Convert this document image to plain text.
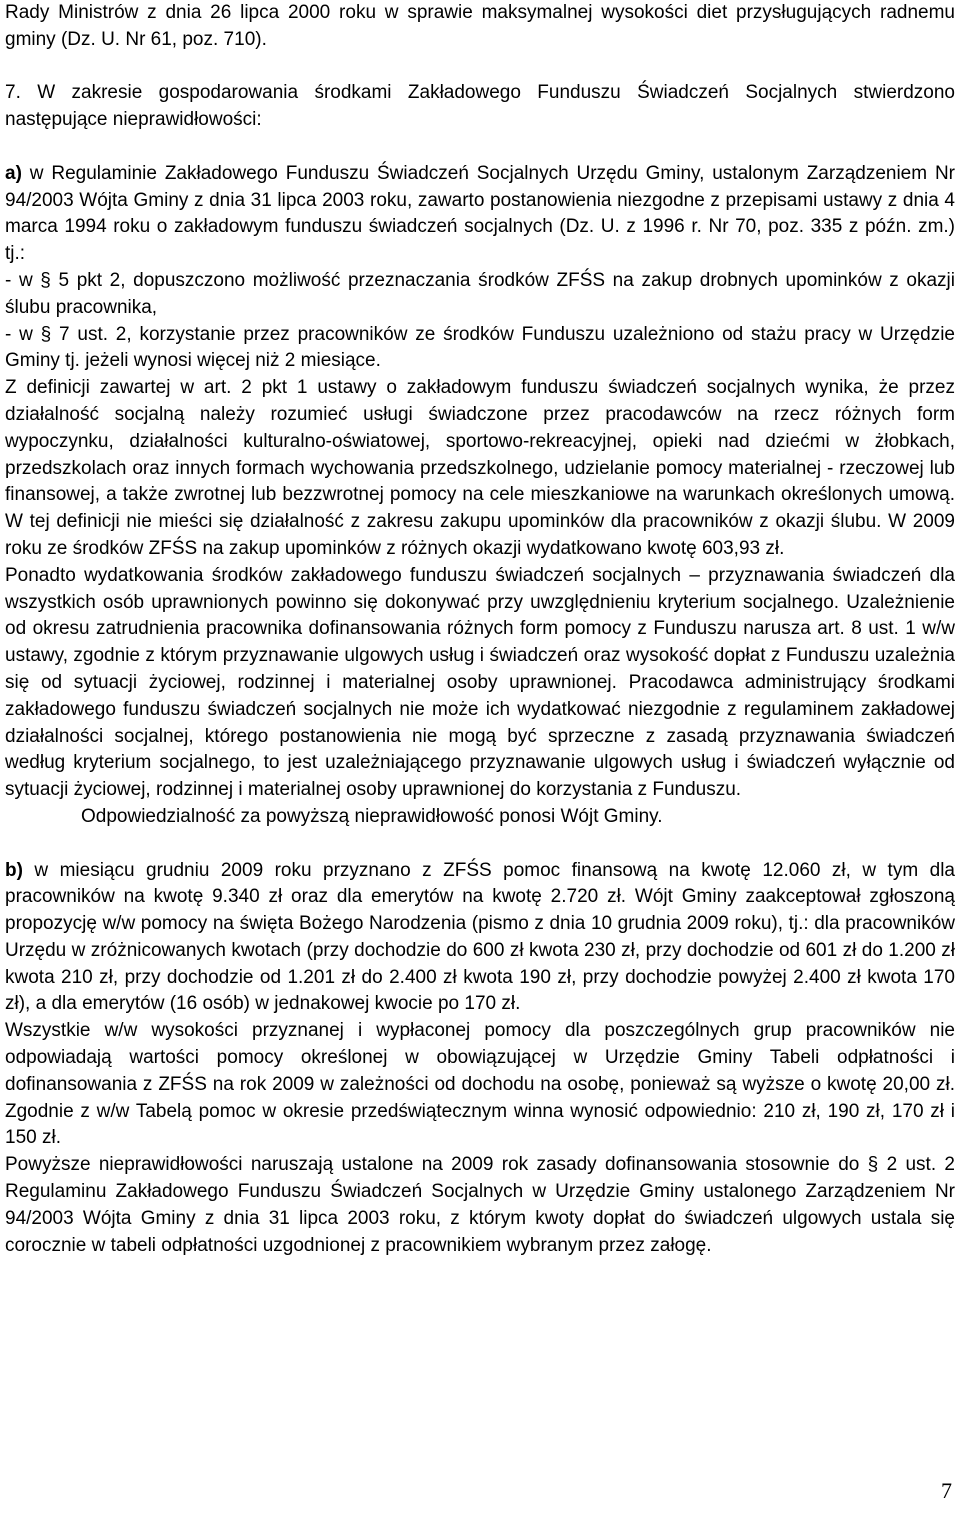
Rady Ministrów z dnia 26 lipca 2000 roku w sprawie maksymalnej wysokości diet przysługujących radnemu gminy (Dz. U. Nr 61, poz. 710).

7. W zakresie gospodarowania środkami Zakładowego Funduszu Świadczeń Socjalnych stwierdzono następujące nieprawidłowości:

a) w Regulaminie Zakładowego Funduszu Świadczeń Socjalnych Urzędu Gminy, ustalonym Zarządzeniem Nr 94/2003 Wójta Gminy z dnia 31 lipca 2003 roku, zawarto postanowienia niezgodne z przepisami ustawy z dnia 4 marca 1994 roku o zakładowym funduszu świadczeń socjalnych (Dz. U. z 1996 r. Nr 70, poz. 335 z późn. zm.) tj.:

- w § 5 pkt 2, dopuszczono możliwość przeznaczania środków ZFŚS na zakup drobnych upominków z okazji ślubu pracownika,

- w § 7 ust. 2, korzystanie przez pracowników ze środków Funduszu uzależniono od stażu pracy w Urzędzie Gminy tj. jeżeli wynosi więcej niż 2 miesiące.

Z definicji zawartej w art. 2 pkt 1 ustawy o zakładowym funduszu świadczeń socjalnych wynika, że przez działalność socjalną należy rozumieć usługi świadczone przez pracodawców na rzecz różnych form wypoczynku, działalności kulturalno-oświatowej, sportowo-rekreacyjnej, opieki nad dziećmi w żłobkach, przedszkolach oraz innych formach wychowania przedszkolnego, udzielanie pomocy materialnej - rzeczowej lub finansowej, a także zwrotnej lub bezzwrotnej pomocy na cele mieszkaniowe na warunkach określonych umową. W tej definicji nie mieści się działalność z zakresu zakupu upominków dla pracowników z okazji ślubu. W 2009 roku ze środków ZFŚS na zakup upominków z różnych okazji wydatkowano kwotę 603,93 zł.

Ponadto wydatkowania środków zakładowego funduszu świadczeń socjalnych – przyznawania świadczeń dla wszystkich osób uprawnionych powinno się dokonywać przy uwzględnieniu kryterium socjalnego. Uzależnienie od okresu zatrudnienia pracownika dofinansowania różnych form pomocy z Funduszu narusza art. 8 ust. 1 w/w ustawy, zgodnie z którym przyznawanie ulgowych usług i świadczeń oraz wysokość dopłat z Funduszu uzależnia się od sytuacji życiowej, rodzinnej i materialnej osoby uprawnionej. Pracodawca administrujący środkami zakładowego funduszu świadczeń socjalnych nie może ich wydatkować niezgodnie z regulaminem zakładowej działalności socjalnej, którego postanowienia nie mogą być sprzeczne z zasadą przyznawania świadczeń według kryterium socjalnego, to jest uzależniającego przyznawanie ulgowych usług i świadczeń wyłącznie od sytuacji życiowej, rodzinnej i materialnej osoby uprawnionej do korzystania z Funduszu.

Odpowiedzialność za powyższą nieprawidłowość ponosi Wójt Gminy.

b) w miesiącu grudniu 2009 roku przyznano z ZFŚS pomoc finansową na kwotę 12.060 zł, w tym dla pracowników na kwotę 9.340 zł oraz dla emerytów na kwotę 2.720 zł. Wójt Gminy zaakceptował zgłoszoną propozycję w/w pomocy na święta Bożego Narodzenia (pismo z dnia 10 grudnia 2009 roku), tj.: dla pracowników Urzędu w zróżnicowanych kwotach (przy dochodzie do 600 zł kwota 230 zł, przy dochodzie od 601 zł do 1.200 zł kwota 210 zł, przy dochodzie od 1.201 zł do 2.400 zł kwota 190 zł, przy dochodzie powyżej 2.400 zł kwota 170 zł), a dla emerytów (16 osób) w jednakowej kwocie po 170 zł.

Wszystkie w/w wysokości przyznanej i wypłaconej pomocy dla poszczególnych grup pracowników nie odpowiadają wartości pomocy określonej w obowiązującej w Urzędzie Gminy Tabeli odpłatności i dofinansowania z ZFŚS na rok 2009 w zależności od dochodu na osobę, ponieważ są wyższe o kwotę 20,00 zł. Zgodnie z w/w Tabelą pomoc w okresie przedświątecznym winna wynosić odpowiednio: 210 zł, 190 zł, 170 zł i 150 zł.

Powyższe nieprawidłowości naruszają ustalone na 2009 rok zasady dofinansowania stosownie do § 2 ust. 2 Regulaminu Zakładowego Funduszu Świadczeń Socjalnych w Urzędzie Gminy ustalonego Zarządzeniem Nr 94/2003 Wójta Gminy z dnia 31 lipca 2003 roku, z którym kwoty dopłat do świadczeń ulgowych ustala się corocznie w tabeli odpłatności uzgodnionej z pracownikiem wybranym przez załogę.

7
